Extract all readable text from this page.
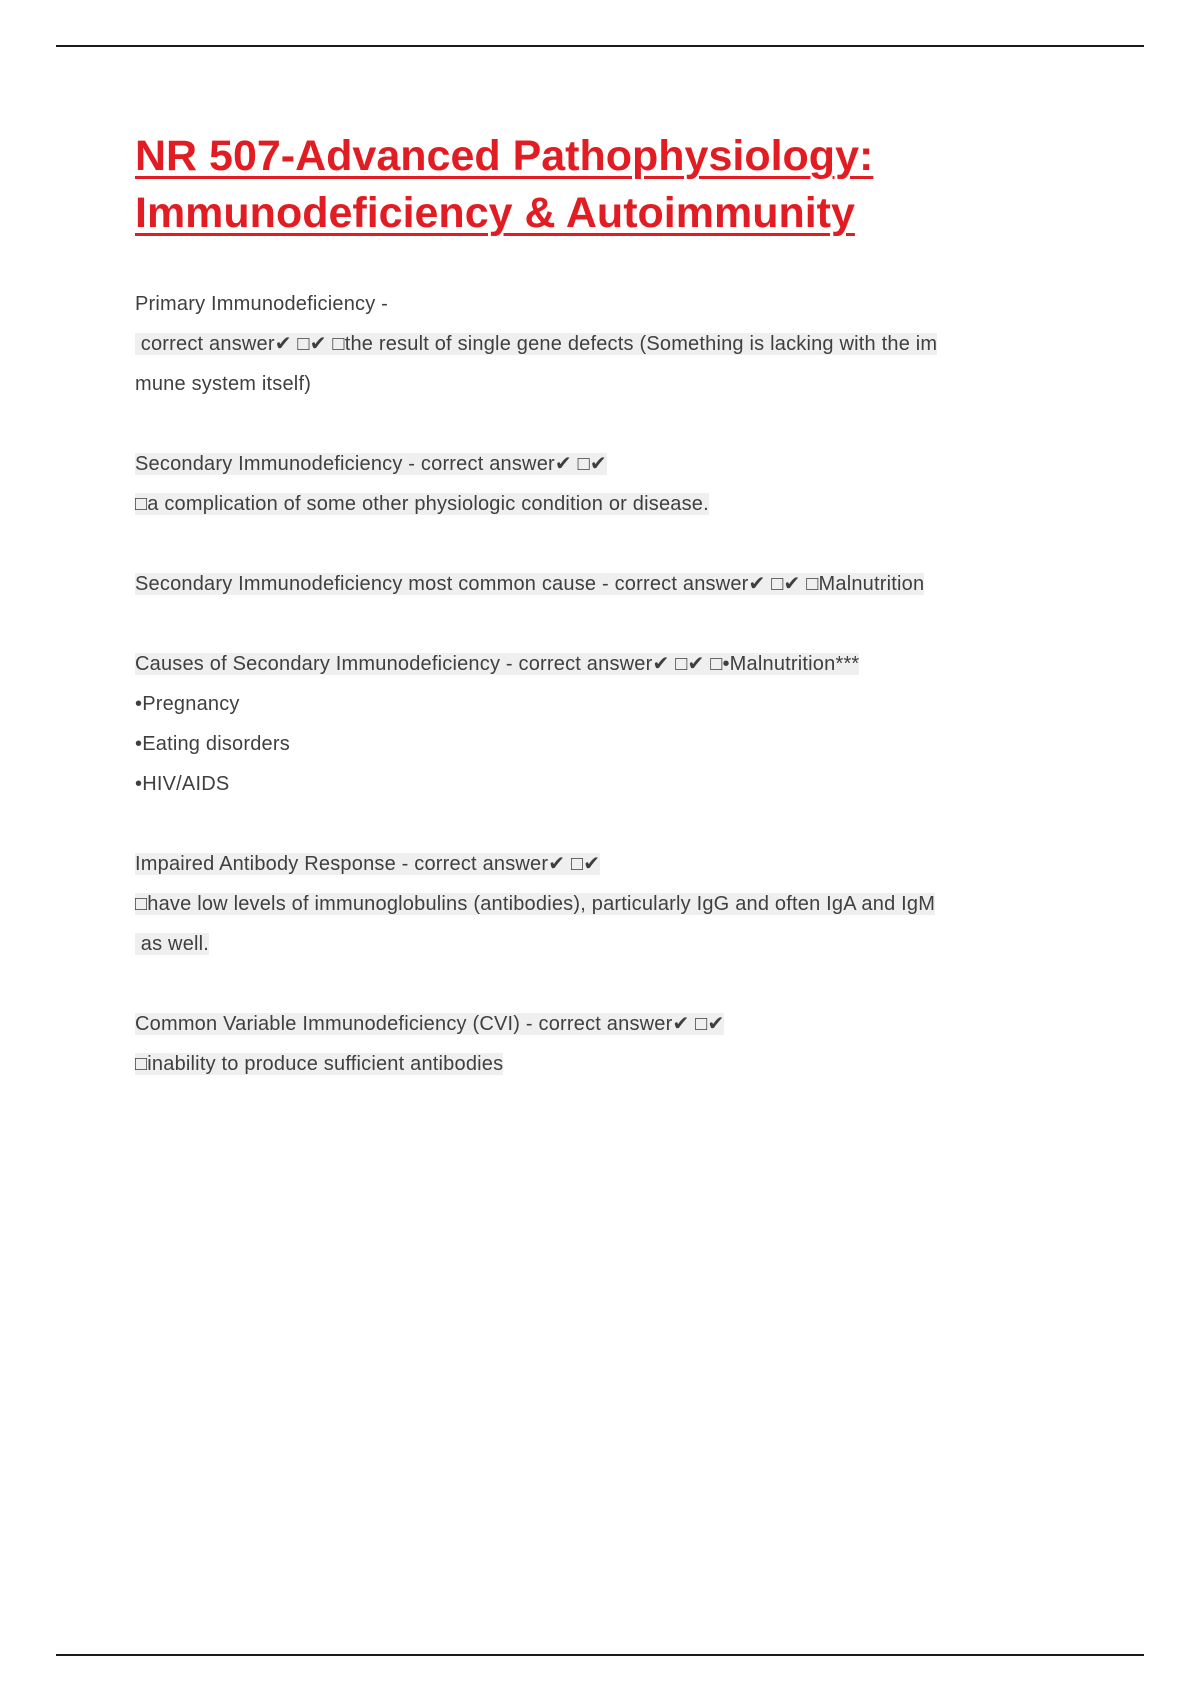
NR 507-Advanced Pathophysiology:
Immunodeficiency & Autoimmunity
Primary Immunodeficiency -
correct answer✔ □✔ □the result of single gene defects (Something is lacking with the im
mune system itself)
Secondary Immunodeficiency - correct answer✔ □✔
□a complication of some other physiologic condition or disease.
Secondary Immunodeficiency most common cause - correct answer✔ □✔ □Malnutrition
Causes of Secondary Immunodeficiency - correct answer✔ □✔ □•Malnutrition***
•Pregnancy
•Eating disorders
•HIV/AIDS
Impaired Antibody Response - correct answer✔ □✔
□have low levels of immunoglobulins (antibodies), particularly IgG and often IgA and IgM
as well.
Common Variable Immunodeficiency (CVI) - correct answer✔ □✔
□inability to produce sufficient antibodies
